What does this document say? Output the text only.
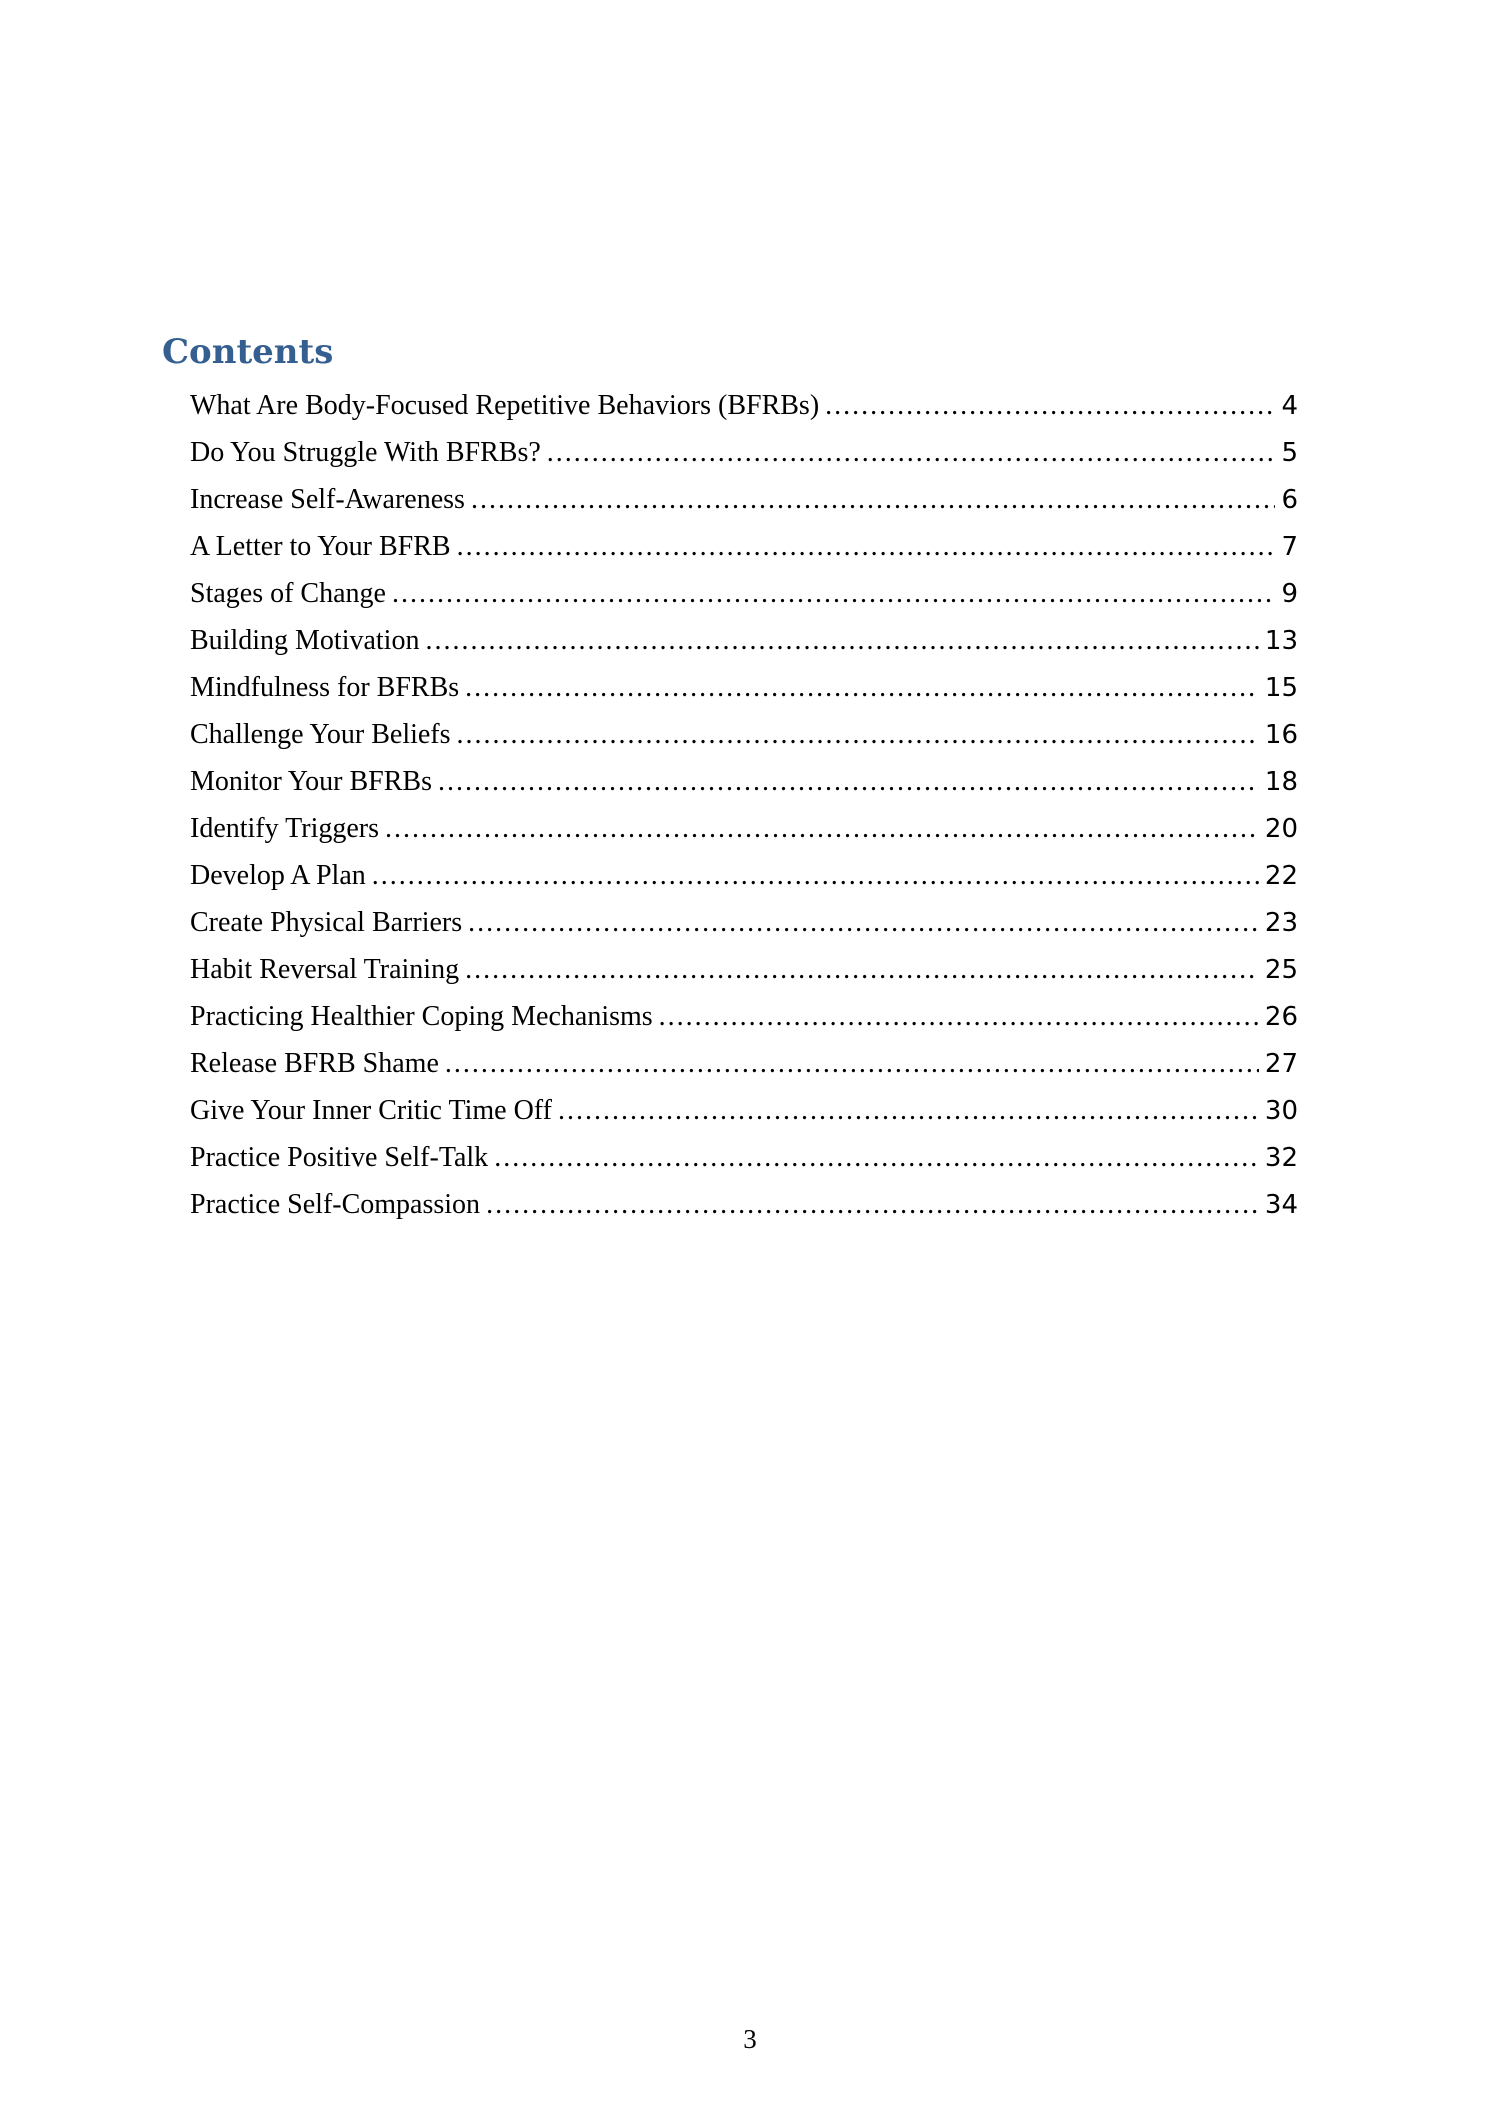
Contents
What Are Body-Focused Repetitive Behaviors (BFRBs) .....	4
Do You Struggle With BFRBs? .....	5
Increase Self-Awareness .....	6
A Letter to Your BFRB .....	7
Stages of Change .....	9
Building Motivation .....	13
Mindfulness for BFRBs .....	15
Challenge Your Beliefs .....	16
Monitor Your BFRBs .....	18
Identify Triggers .....	20
Develop A Plan .....	22
Create Physical Barriers .....	23
Habit Reversal Training .....	25
Practicing Healthier Coping Mechanisms .....	26
Release BFRB Shame .....	27
Give Your Inner Critic Time Off .....	30
Practice Positive Self-Talk .....	32
Practice Self-Compassion .....	34
3
